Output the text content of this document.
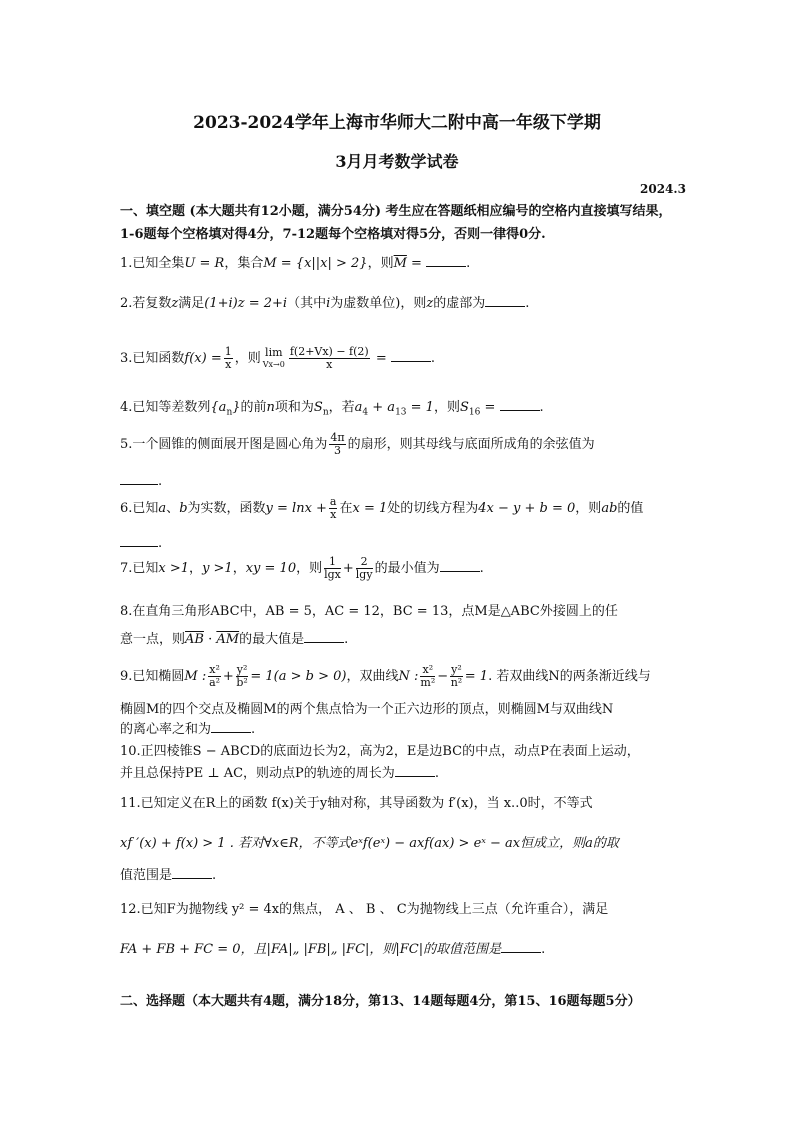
2023-2024学年上海市华师大二附中高一年级下学期
3月月考数学试卷
2024.3
一、填空题 (本大题共有12小题，满分54分) 考生应在答题纸相应编号的空格内直接填写结果，1-6题每个空格填对得4分，7-12题每个空格填对得5分，否则一律得0分.
1.已知全集U = R，集合M = {x||x| > 2}，则$\overline{M}$ =	.
2.若复数z满足(1+i)z = 2+i（其中i为虚数单位)，则z的虚部为	.
3.已知函数$f(x) = \frac{1}{x}$ ，则 lim
$Vx\to 0 \frac{f(2+Vx) - f(2)}{x}$ =	.
4.已知等差数列$\{a_n\}$的前n项和为$S_n$，若$a_4 + a_{13} = 1$，则$S_{16}$ =	.
5.一个圆锥的侧面展开图是圆心角为 $\frac{4\pi}{3}$ 的扇形，则其母线与底面所成角的余弦值为
.
6.已知a、b为实数，函数$y = \ln x + \frac{a}{x}$ 在x = 1处的切线方程为4x − y + b = 0，则ab的值
.
7.已知x >1，y >1，xy = 10，则 $\frac{1}{\lg x} + \frac{2}{\lg y}$ 的最小值为	.
8.在直角三角形ABC中，AB = 5，AC = 12，BC = 13，点M是△ABC外接圆上的任
意一点，则$\overline{AB} \cdot \overline{AM}$的最大值是	.
9.已知椭圆M : $\frac{\text{x²}}{\text{a²}} + \frac{\text{y²}}{\text{b²}} = 1(a > b > 0)$，双曲线N : $\frac{\text{x²}}{\text{m²}} - \frac{\text{y²}}{\text{n²}} = 1$. 若双曲线N的两条渐近线与
椭圆M的四个交点及椭圆M的两个焦点恰为一个正六边形的顶点，则椭圆M与双曲线N
的离心率之和为	.
10.正四棱锥S − ABCD的底面边长为2，高为2，E是边BC的中点，动点P在表面上运动，
并且总保持PE ⊥ AC，则动点P的轨迹的周长为	.
11.已知定义在R上的函数 f(x)关于y轴对称，其导函数为 f′(x)，当 x..0时，不等式
xf ′(x) + f(x) > 1 . 若对∀x∈R，不等式eˣf(eˣ) − axf(ax) > eˣ − ax恒成立，则a的取
值范围是	.
12.已知F为抛物线 y² = 4x的焦点， A 、 B 、 C为抛物线上三点（允许重合），满足
FA + FB + FC = 0，且|FA|„ |FB|„ |FC|，则|FC|的取值范围是	.
二、选择题（本大题共有4题，满分18分，第13、14题每题4分，第15、16题每题5分）
